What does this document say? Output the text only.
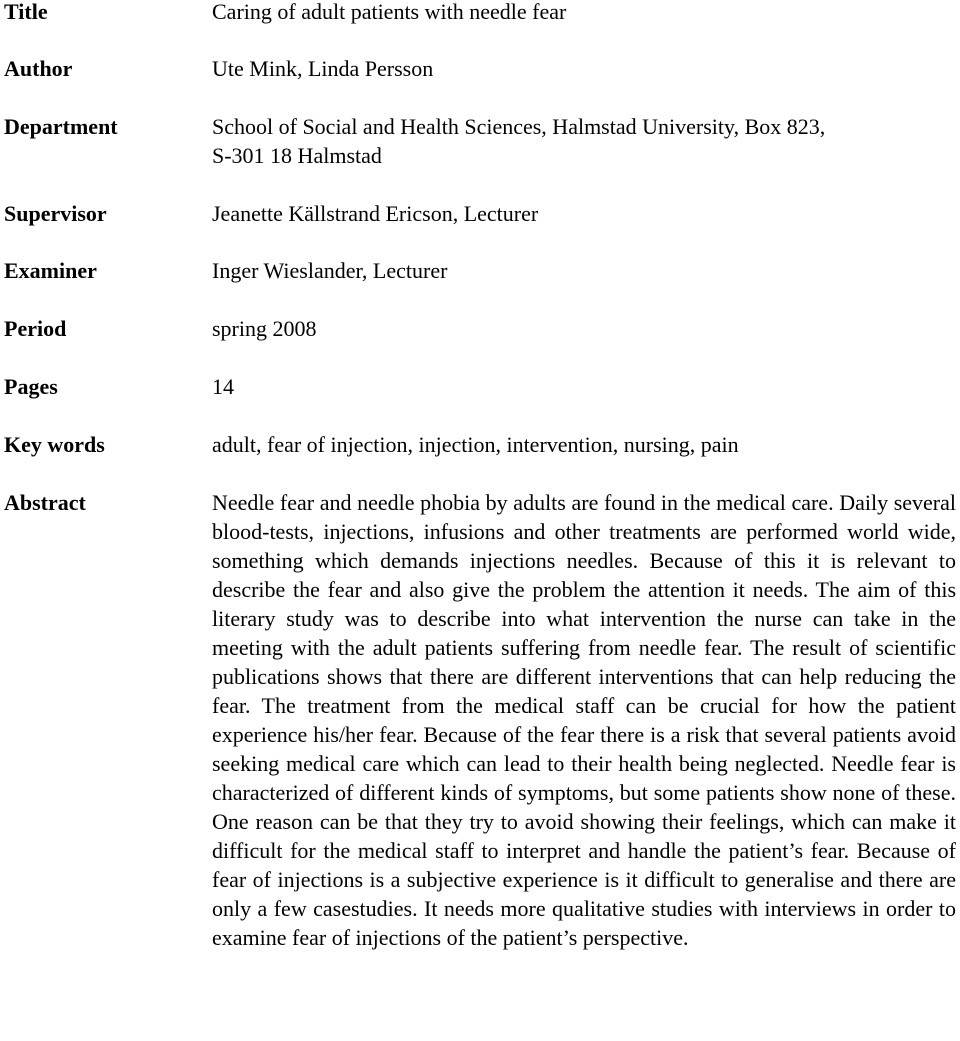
Title	Caring of adult patients with needle fear
Author	Ute Mink, Linda Persson
Department	School of Social and Health Sciences, Halmstad University, Box 823,
S-301 18 Halmstad
Supervisor	Jeanette Källstrand Ericson, Lecturer
Examiner	Inger Wieslander, Lecturer
Period	spring 2008
Pages	14
Key words	adult, fear of injection, injection, intervention, nursing, pain
Abstract	Needle fear and needle phobia by adults are found in the medical care. Daily several blood-tests, injections, infusions and other treatments are performed world wide, something which demands injections needles. Because of this it is relevant to describe the fear and also give the problem the attention it needs. The aim of this literary study was to describe into what intervention the nurse can take in the meeting with the adult patients suffering from needle fear. The result of scientific publications shows that there are different interventions that can help reducing the fear. The treatment from the medical staff can be crucial for how the patient experience his/her fear. Because of the fear there is a risk that several patients avoid seeking medical care which can lead to their health being neglected. Needle fear is characterized of different kinds of symptoms, but some patients show none of these. One reason can be that they try to avoid showing their feelings, which can make it difficult for the medical staff to interpret and handle the patient’s fear. Because of fear of injections is a subjective experience is it difficult to generalise and there are only a few casestudies. It needs more qualitative studies with interviews in order to examine fear of injections of the patient’s perspective.
